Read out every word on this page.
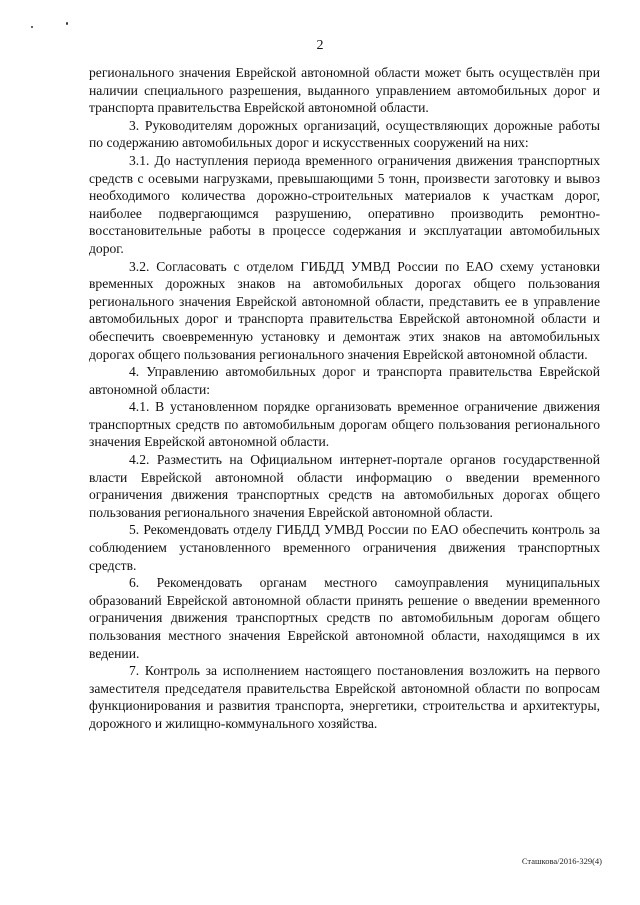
2

регионального значения Еврейской автономной области может быть осуществлён при наличии специального разрешения, выданного управлением автомобильных дорог и транспорта правительства Еврейской автономной области.

3. Руководителям дорожных организаций, осуществляющих дорожные работы по содержанию автомобильных дорог и искусственных сооружений на них:

3.1. До наступления периода временного ограничения движения транспортных средств с осевыми нагрузками, превышающими 5 тонн, произвести заготовку и вывоз необходимого количества дорожно-строительных материалов к участкам дорог, наиболее подвергающимся разрушению, оперативно производить ремонтно-восстановительные работы в процессе содержания и эксплуатации автомобильных дорог.

3.2. Согласовать с отделом ГИБДД УМВД России по ЕАО схему установки временных дорожных знаков на автомобильных дорогах общего пользования регионального значения Еврейской автономной области, представить ее в управление автомобильных дорог и транспорта правительства Еврейской автономной области и обеспечить своевременную установку и демонтаж этих знаков на автомобильных дорогах общего пользования регионального значения Еврейской автономной области.

4. Управлению автомобильных дорог и транспорта правительства Еврейской автономной области:

4.1. В установленном порядке организовать временное ограничение движения транспортных средств по автомобильным дорогам общего пользования регионального значения Еврейской автономной области.

4.2. Разместить на Официальном интернет-портале органов государственной власти Еврейской автономной области информацию о введении временного ограничения движения транспортных средств на автомобильных дорогах общего пользования регионального значения Еврейской автономной области.

5. Рекомендовать отделу ГИБДД УМВД России по ЕАО обеспечить контроль за соблюдением установленного временного ограничения движения транспортных средств.

6. Рекомендовать органам местного самоуправления муниципальных образований Еврейской автономной области принять решение о введении временного ограничения движения транспортных средств по автомобильным дорогам общего пользования местного значения Еврейской автономной области, находящимся в их ведении.

7. Контроль за исполнением настоящего постановления возложить на первого заместителя председателя правительства Еврейской автономной области по вопросам функционирования и развития транспорта, энергетики, строительства и архитектуры, дорожного и жилищно-коммунального хозяйства.

Сташкова/2016-329(4)
